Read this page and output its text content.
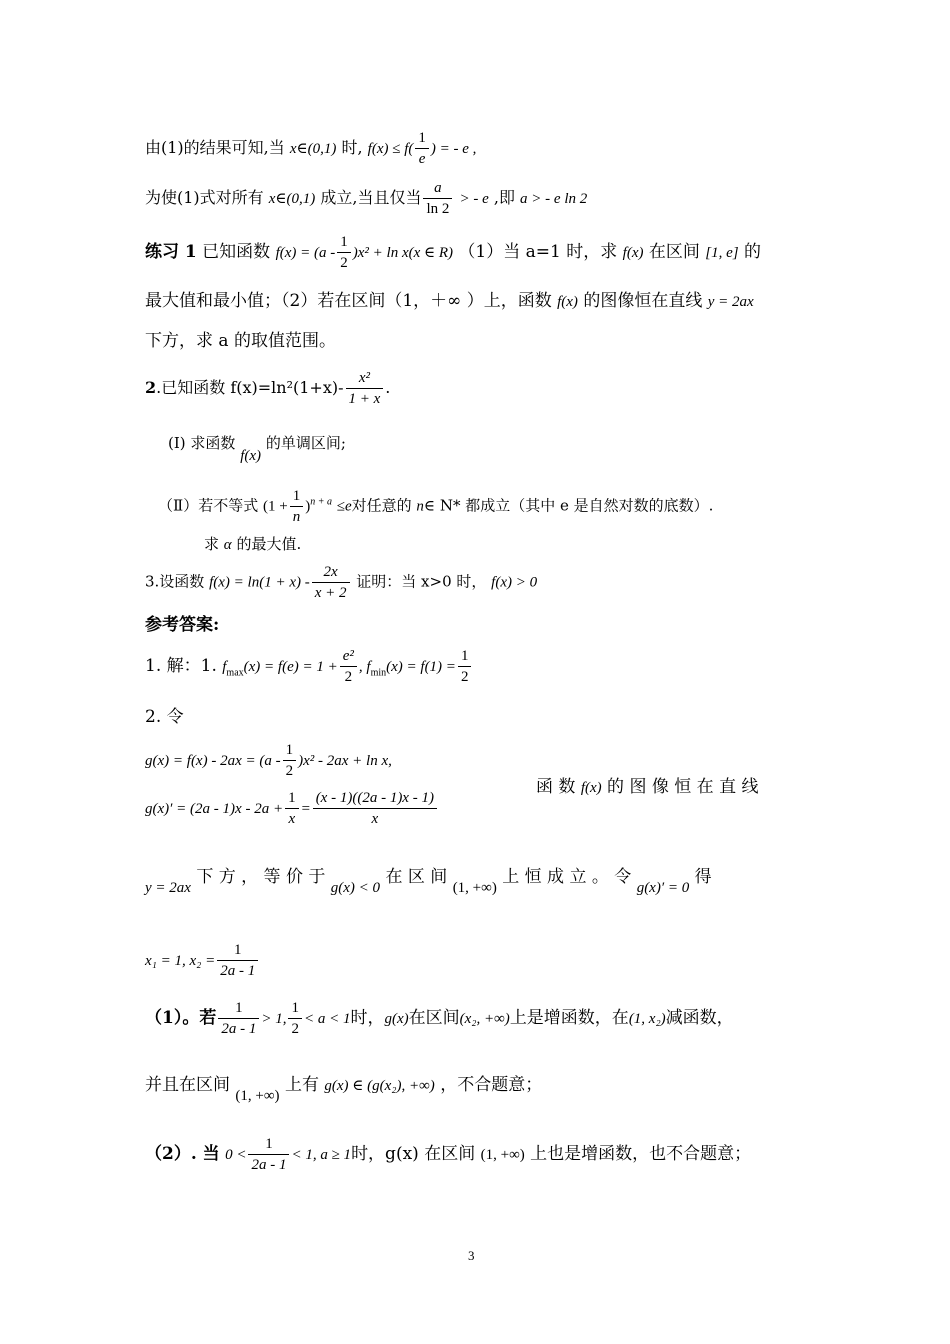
由(1)的结果可知,当 x∈(0,1) 时, $f(x) \le f( \frac{1}{e}$ ) = - e ,
为使(1)式对所有 x∈(0,1) 成立,当且仅当 $\frac{a}{\ln 2}$ > - e ,即 a > - e ln 2
练习 1 已知函数 $f(x) = (a - \frac{1}{2} )x^2 + \ln x(x$ ∈ R) （1）当 a=1 时，求 f(x) 在区间 [1, e] 的
最大值和最小值；（2）若在区间（1，＋∞ ）上，函数 f(x) 的图像恒在直线 y = 2ax
下方，求 a 的取值范围。
2.已知函数 $f(x)=\ln^2(1+x)- \frac{\text{x²}}{1 + x}$ .
(I) 求函数 f(x) 的单调区间;
（Ⅱ）若不等式 $(1 + \frac{1}{n} )^{n + a} \le e$对任意的 n∈ N* 都成立（其中 e 是自然对数的底数）.
求 α 的最大值.
3.设函数 $f(x) = \ln(1 + x) - \frac{2x}{x + 2}$ 证明：当 x>0 时， f(x) > 0
参考答案:
1. 解：1. $f_{max}(x) = f(e) = 1 + \frac{\text{e²}}{2}$ , $f_{min}(x) = f(1) = \frac{1}{2}$
2. 令
$g(x) = f(x) - 2ax = (a - \frac{1}{2} )x^2 - 2ax + \ln x$,
$g(x)' = (2a - 1)x - 2a + \frac{1}{x} = \frac{(x - 1)((2a - 1)x - 1)}{x}$
函 数 f(x) 的 图 像 恒 在 直 线
y = 2ax 下 方 ， 等 价 于 g(x) < 0 在 区 间 (1, +∞) 上 恒 成 立 。 令 g(x)′ = 0 得
x₁ = 1, $x_2 = \frac{1}{2a - 1}$
（1）。若 $\frac{1}{2a - 1} > 1$, $\frac{1}{2} < a < 1$时，g(x)在区间(x₂, +∞)上是增函数，在(1, x₂)减函数，
并且在区间 (1, +∞) 上有 g(x) ∈ (g(x₂), +∞) ，不合题意；
（2）. 当 $0 < \frac{1}{2a - 1} < 1$, a ≥ 1时，g(x) 在区间 (1, +∞) 上也是增函数，也不合题意；
3
